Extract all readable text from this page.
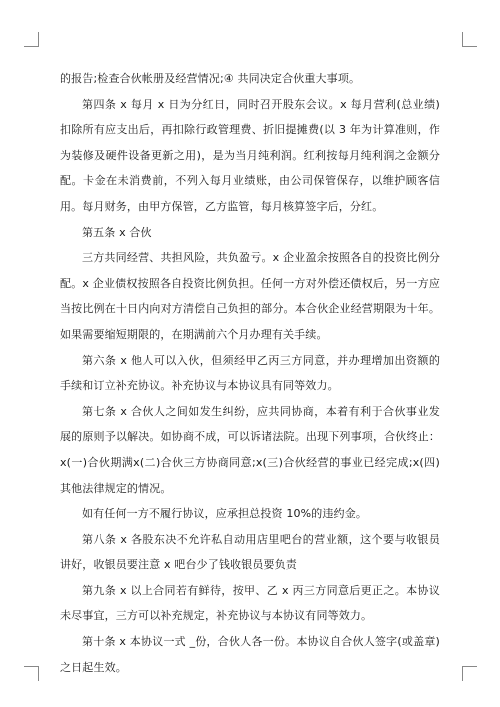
的报告;检查合伙帐册及经营情况;④ 共同决定合伙重大事项。

第四条 x 每月 x 日为分红日，同时召开股东会议。x 每月营利(总业绩)扣除所有应支出后，再扣除行政管理费、折旧提摊费(以 3 年为计算准则，作为装修及硬件设备更新之用)，是为当月纯利润。红利按每月纯利润之金额分配。卡金在未消费前，不列入每月业绩账，由公司保管保存，以维护顾客信用。每月财务，由甲方保管，乙方监管，每月核算签字后，分红。

第五条 x 合伙

三方共同经营、共担风险，共负盈亏。x 企业盈余按照各自的投资比例分配。x 企业债权按照各自投资比例负担。任何一方对外偿还债权后，另一方应当按比例在十日内向对方清偿自己负担的部分。本合伙企业经营期限为十年。如果需要缩短期限的，在期满前六个月办理有关手续。

第六条 x 他人可以入伙，但须经甲乙丙三方同意，并办理增加出资额的手续和订立补充协议。补充协议与本协议具有同等效力。

第七条 x 合伙人之间如发生纠纷，应共同协商，本着有利于合伙事业发展的原则予以解决。如协商不成，可以诉诸法院。出现下列事项，合伙终止：x(一)合伙期满x(二)合伙三方协商同意;x(三)合伙经营的事业已经完成;x(四)其他法律规定的情况。

如有任何一方不履行协议，应承担总投资 10%的违约金。

第八条 x 各股东决不允许私自动用店里吧台的营业额，这个要与收银员讲好，收银员要注意 x 吧台少了钱收银员要负责

第九条 x 以上合同若有鲜待，按甲、乙 x 丙三方同意后更正之。本协议未尽事宜，三方可以补充规定，补充协议与本协议有同等效力。

第十条 x 本协议一式 _份，合伙人各一份。本协议自合伙人签字(或盖章)之日起生效。
